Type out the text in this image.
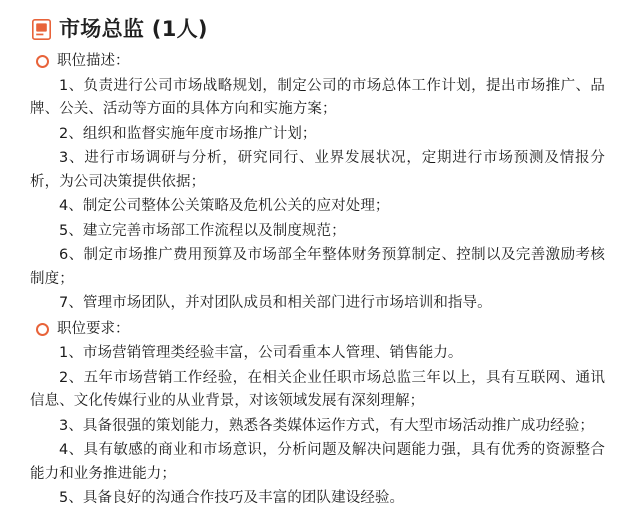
市场总监 (1人)
职位描述：

1、负责进行公司市场战略规划，制定公司的市场总体工作计划，提出市场推广、品牌、公关、活动等方面的具体方向和实施方案；

2、组织和监督实施年度市场推广计划；

3、进行市场调研与分析，研究同行、业界发展状况，定期进行市场预测及情报分析，为公司决策提供依据；

4、制定公司整体公关策略及危机公关的应对处理；

5、建立完善市场部工作流程以及制度规范；

6、制定市场推广费用预算及市场部全年整体财务预算制定、控制以及完善激励考核制度；

7、管理市场团队，并对团队成员和相关部门进行市场培训和指导。

职位要求：

1、市场营销管理类经验丰富，公司看重本人管理、销售能力。

2、五年市场营销工作经验，在相关企业任职市场总监三年以上，具有互联网、通讯信息、文化传媒行业的从业背景，对该领域发展有深刻理解；

3、具备很强的策划能力，熟悉各类媒体运作方式，有大型市场活动推广成功经验；

4、具有敏感的商业和市场意识，分析问题及解决问题能力强，具有优秀的资源整合能力和业务推进能力；

5、具备良好的沟通合作技巧及丰富的团队建设经验。
